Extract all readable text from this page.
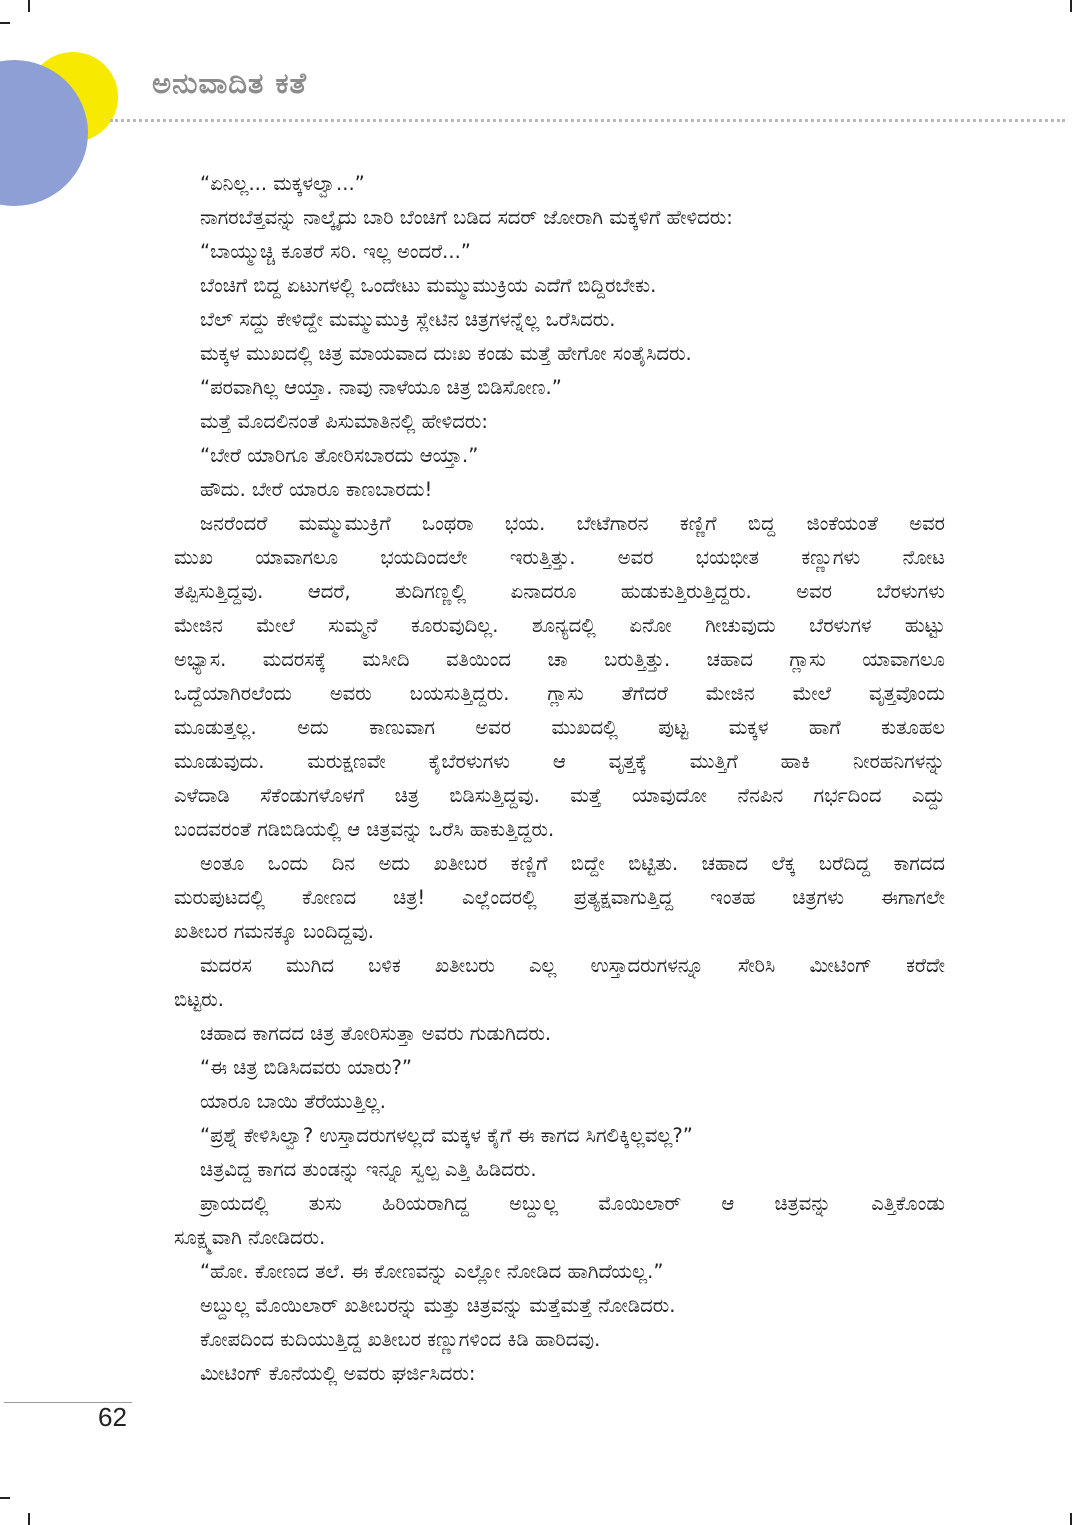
ಅನುವಾದಿತ ಕತೆ
“ಏನಿಲ್ಲ... ಮಕ್ಕಳಲ್ವಾ...”
ನಾಗರಬೆತ್ತವನ್ನು ನಾಲ್ಕೈದು ಬಾರಿ ಬೆಂಚಿಗೆ ಬಡಿದ ಸದರ್ ಜೋರಾಗಿ ಮಕ್ಕಳಿಗೆ ಹೇಳಿದರು:
“ಬಾಯ್ಮುಚ್ಚಿ ಕೂತರೆ ಸರಿ. ಇಲ್ಲ ಅಂದರೆ...”
ಬೆಂಚಿಗೆ ಬಿದ್ದ ಏಟುಗಳಲ್ಲಿ ಒಂದೇಟು ಮಮ್ಮುಮುಕ್ರಿಯ ಎದೆಗೆ ಬಿದ್ದಿರಬೇಕು.
ಬೆಲ್ ಸದ್ದು ಕೇಳಿದ್ದೇ ಮಮ್ಮುಮುಕ್ರಿ ಸ್ಲೇಟಿನ ಚಿತ್ರಗಳನ್ನೆಲ್ಲ ಒರೆಸಿದರು.
ಮಕ್ಕಳ ಮುಖದಲ್ಲಿ ಚಿತ್ರ ಮಾಯವಾದ ದುಃಖ ಕಂಡು ಮತ್ತೆ ಹೇಗೋ ಸಂತೈಸಿದರು.
“ಪರವಾಗಿಲ್ಲ ಆಯ್ತಾ. ನಾವು ನಾಳೆಯೂ ಚಿತ್ರ ಬಿಡಿಸೋಣ.”
ಮತ್ತೆ ಮೊದಲಿನಂತೆ ಪಿಸುಮಾತಿನಲ್ಲಿ ಹೇಳಿದರು:
“ಬೇರೆ ಯಾರಿಗೂ ತೋರಿಸಬಾರದು ಆಯ್ತಾ.”
ಹೌದು. ಬೇರೆ ಯಾರೂ ಕಾಣಬಾರದು!
ಜನರೆಂದರೆ ಮಮ್ಮುಮುಕ್ರಿಗೆ ಒಂಥರಾ ಭಯ. ಬೇಟೆಗಾರನ ಕಣ್ಣಿಗೆ ಬಿದ್ದ ಜಿಂಕೆಯಂತೆ ಅವರ
ಮುಖ ಯಾವಾಗಲೂ ಭಯದಿಂದಲೇ ಇರುತ್ತಿತ್ತು. ಅವರ ಭಯಭೀತ ಕಣ್ಣುಗಳು ನೋಟ
ತಪ್ಪಿಸುತ್ತಿದ್ದವು. ಆದರೆ, ತುದಿಗಣ್ಣಲ್ಲಿ ಏನಾದರೂ ಹುಡುಕುತ್ತಿರುತ್ತಿದ್ದರು. ಅವರ ಬೆರಳುಗಳು
ಮೇಜಿನ ಮೇಲೆ ಸುಮ್ಮನೆ ಕೂರುವುದಿಲ್ಲ. ಶೂನ್ಯದಲ್ಲಿ ಏನೋ ಗೀಚುವುದು ಬೆರಳುಗಳ ಹುಟ್ಟು
ಅಭ್ಯಾಸ. ಮದರಸಕ್ಕೆ ಮಸೀದಿ ವತಿಯಿಂದ ಚಾ ಬರುತ್ತಿತ್ತು. ಚಹಾದ ಗ್ಲಾಸು ಯಾವಾಗಲೂ
ಒದ್ದೆಯಾಗಿರಲೆಂದು ಅವರು ಬಯಸುತ್ತಿದ್ದರು. ಗ್ಲಾಸು ತೆಗೆದರೆ ಮೇಜಿನ ಮೇಲೆ ವೃತ್ತವೊಂದು
ಮೂಡುತ್ತಲ್ಲ. ಅದು ಕಾಣುವಾಗ ಅವರ ಮುಖದಲ್ಲಿ ಪುಟ್ಟ ಮಕ್ಕಳ ಹಾಗೆ ಕುತೂಹಲ
ಮೂಡುವುದು. ಮರುಕ್ಷಣವೇ ಕೈಬೆರಳುಗಳು ಆ ವೃತ್ತಕ್ಕೆ ಮುತ್ತಿಗೆ ಹಾಕಿ ನೀರಹನಿಗಳನ್ನು
ಎಳೆದಾಡಿ ಸೆಕೆಂಡುಗಳೊಳಗೆ ಚಿತ್ರ ಬಿಡಿಸುತ್ತಿದ್ದವು. ಮತ್ತೆ ಯಾವುದೋ ನೆನಪಿನ ಗರ್ಭದಿಂದ ಎದ್ದು
ಬಂದವರಂತೆ ಗಡಿಬಿಡಿಯಲ್ಲಿ ಆ ಚಿತ್ರವನ್ನು ಒರೆಸಿ ಹಾಕುತ್ತಿದ್ದರು.
ಅಂತೂ ಒಂದು ದಿನ ಅದು ಖತೀಬರ ಕಣ್ಣಿಗೆ ಬಿದ್ದೇ ಬಿಟ್ಟಿತು. ಚಹಾದ ಲೆಕ್ಕ ಬರೆದಿದ್ದ ಕಾಗದದ
ಮರುಪುಟದಲ್ಲಿ ಕೋಣದ ಚಿತ್ರ! ಎಲ್ಲೆಂದರಲ್ಲಿ ಪ್ರತ್ಯಕ್ಷವಾಗುತ್ತಿದ್ದ ಇಂತಹ ಚಿತ್ರಗಳು ಈಗಾಗಲೇ
ಖತೀಬರ ಗಮನಕ್ಕೂ ಬಂದಿದ್ದವು.
ಮದರಸ ಮುಗಿದ ಬಳಿಕ ಖತೀಬರು ಎಲ್ಲ ಉಸ್ತಾದರುಗಳನ್ನೂ ಸೇರಿಸಿ ಮೀಟಿಂಗ್ ಕರೆದೇ
ಬಿಟ್ಟರು.
ಚಹಾದ ಕಾಗದದ ಚಿತ್ರ ತೋರಿಸುತ್ತಾ ಅವರು ಗುಡುಗಿದರು.
“ಈ ಚಿತ್ರ ಬಿಡಿಸಿದವರು ಯಾರು?”
ಯಾರೂ ಬಾಯಿ ತೆರೆಯುತ್ತಿಲ್ಲ.
“ಪ್ರಶ್ನೆ ಕೇಳಿಸಿಲ್ವಾ? ಉಸ್ತಾದರುಗಳಲ್ಲದೆ ಮಕ್ಕಳ ಕೈಗೆ ಈ ಕಾಗದ ಸಿಗಲಿಕ್ಕಿಲ್ಲವಲ್ಲ?”
ಚಿತ್ರವಿದ್ದ ಕಾಗದ ತುಂಡನ್ನು ಇನ್ನೂ ಸ್ವಲ್ಪ ಎತ್ತಿ ಹಿಡಿದರು.
ಪ್ರಾಯದಲ್ಲಿ ತುಸು ಹಿರಿಯರಾಗಿದ್ದ ಅಬ್ದುಲ್ಲ ಮೊಯಿಲಾರ್ ಆ ಚಿತ್ರವನ್ನು ಎತ್ತಿಕೊಂಡು
ಸೂಕ್ಷ್ಮವಾಗಿ ನೋಡಿದರು.
“ಹೋ. ಕೋಣದ ತಲೆ. ಈ ಕೋಣವನ್ನು ಎಲ್ಲೋ ನೋಡಿದ ಹಾಗಿದೆಯಲ್ಲ.”
ಅಬ್ದುಲ್ಲ ಮೊಯಿಲಾರ್ ಖತೀಬರನ್ನು ಮತ್ತು ಚಿತ್ರವನ್ನು ಮತ್ತೆಮತ್ತೆ ನೋಡಿದರು.
ಕೋಪದಿಂದ ಕುದಿಯುತ್ತಿದ್ದ ಖತೀಬರ ಕಣ್ಣುಗಳಿಂದ ಕಿಡಿ ಹಾರಿದವು.
ಮೀಟಿಂಗ್ ಕೊನೆಯಲ್ಲಿ ಅವರು ಘರ್ಜಿಸಿದರು:
62
